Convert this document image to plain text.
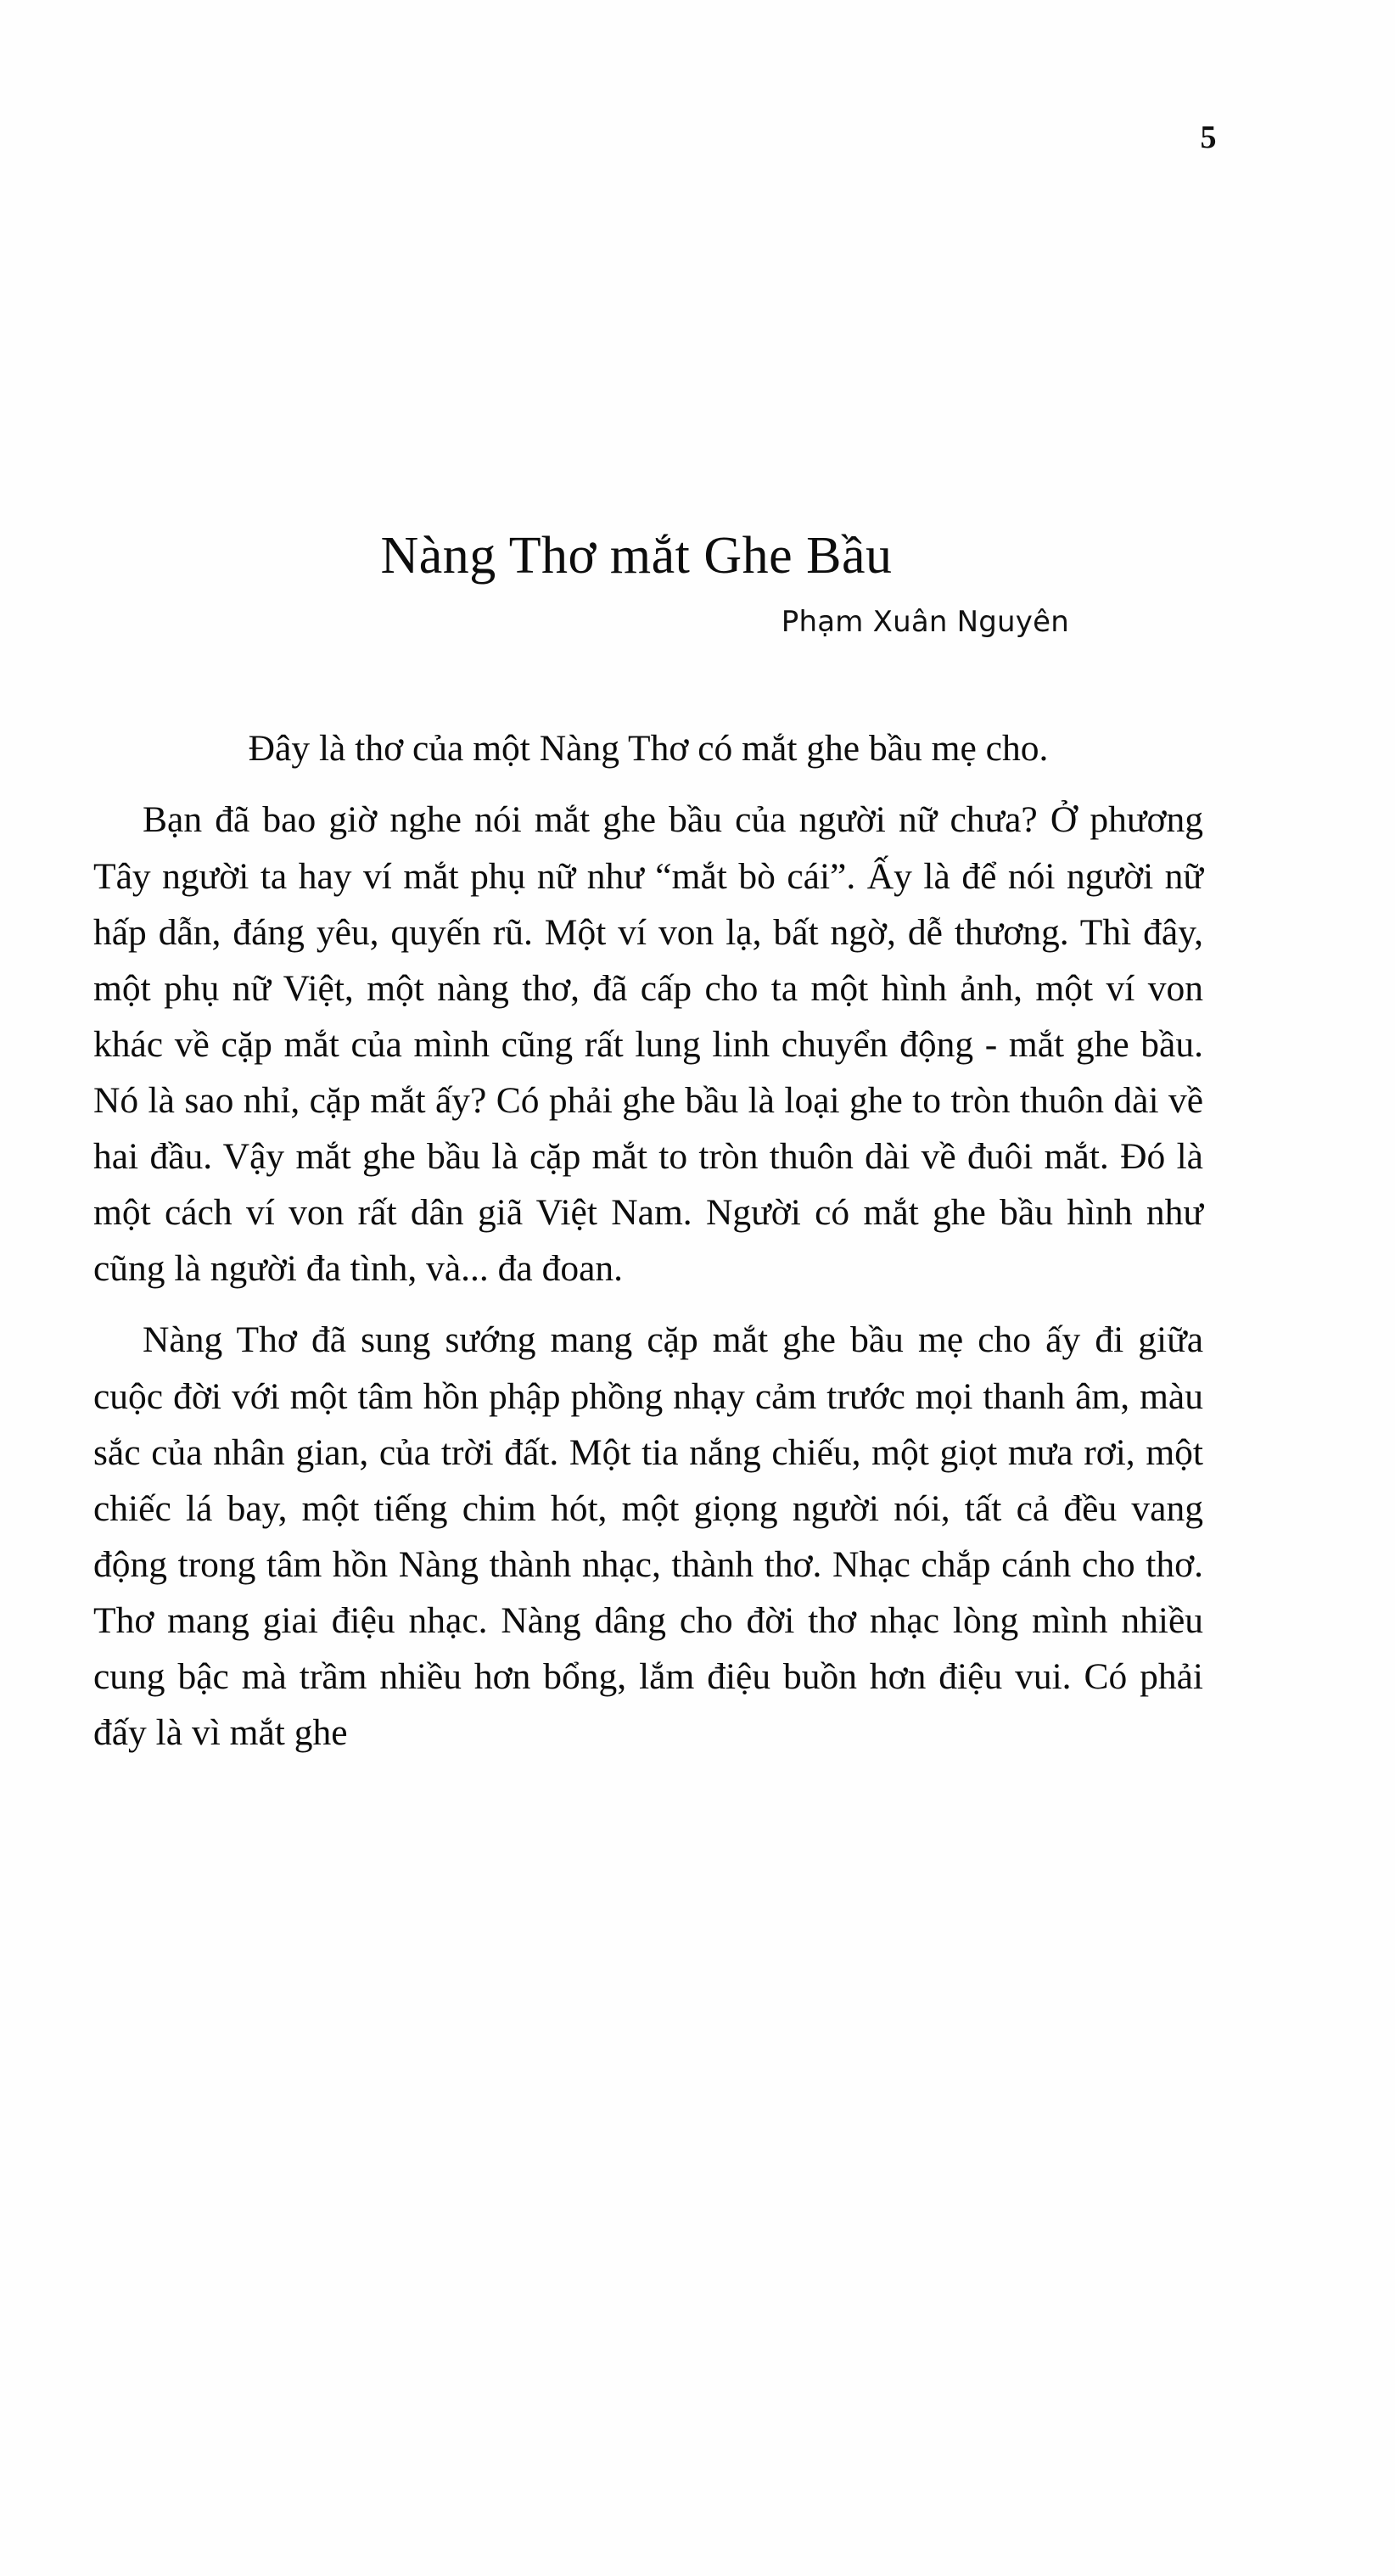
5
Nàng Thơ mắt Ghe Bầu
Phạm Xuân Nguyên

Đây là thơ của một Nàng Thơ có mắt ghe bầu mẹ cho.

Bạn đã bao giờ nghe nói mắt ghe bầu của người nữ chưa? Ở phương Tây người ta hay ví mắt phụ nữ như “mắt bò cái”. Ấy là để nói người nữ hấp dẫn, đáng yêu, quyến rũ. Một ví von lạ, bất ngờ, dễ thương. Thì đây, một phụ nữ Việt, một nàng thơ, đã cấp cho ta một hình ảnh, một ví von khác về cặp mắt của mình cũng rất lung linh chuyển động - mắt ghe bầu. Nó là sao nhỉ, cặp mắt ấy? Có phải ghe bầu là loại ghe to tròn thuôn dài về hai đầu. Vậy mắt ghe bầu là cặp mắt to tròn thuôn dài về đuôi mắt. Đó là một cách ví von rất dân giã Việt Nam. Người có mắt ghe bầu hình như cũng là người đa tình, và... đa đoan.

Nàng Thơ đã sung sướng mang cặp mắt ghe bầu mẹ cho ấy đi giữa cuộc đời với một tâm hồn phập phồng nhạy cảm trước mọi thanh âm, màu sắc của nhân gian, của trời đất. Một tia nắng chiếu, một giọt mưa rơi, một chiếc lá bay, một tiếng chim hót, một giọng người nói, tất cả đều vang động trong tâm hồn Nàng thành nhạc, thành thơ. Nhạc chắp cánh cho thơ. Thơ mang giai điệu nhạc. Nàng dâng cho đời thơ nhạc lòng mình nhiều cung bậc mà trầm nhiều hơn bổng, lắm điệu buồn hơn điệu vui. Có phải đấy là vì mắt ghe
